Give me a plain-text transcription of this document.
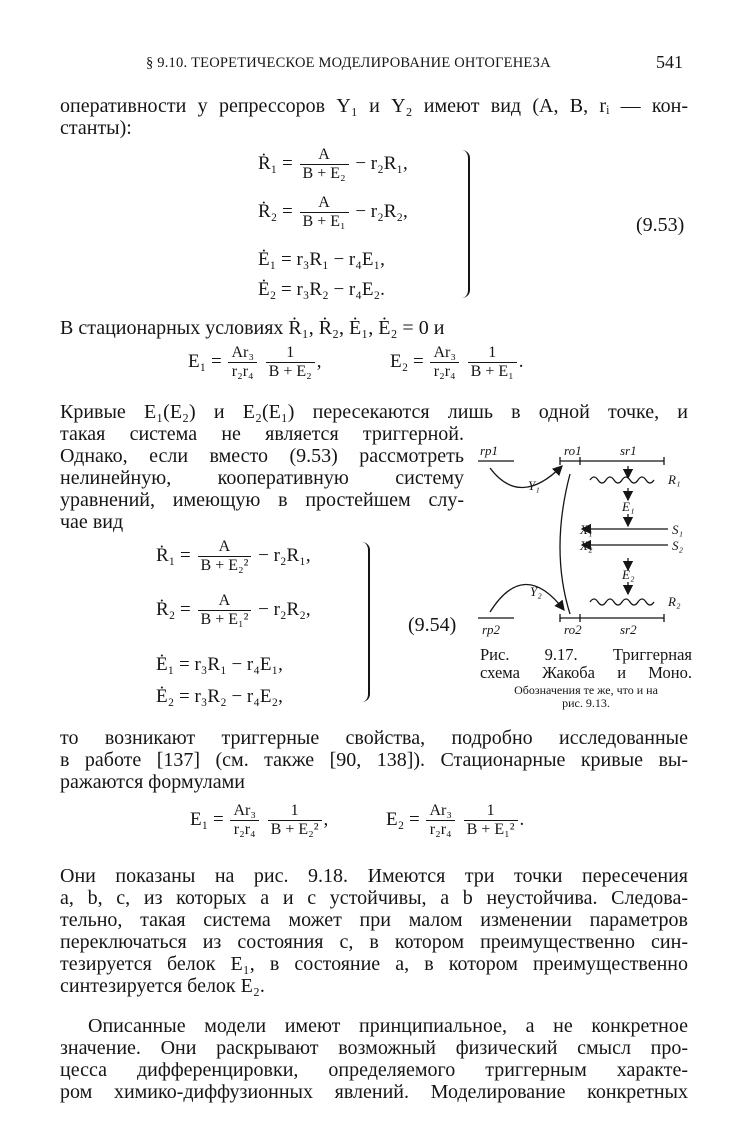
§ 9.10. ТЕОРЕТИЧЕСКОЕ МОДЕЛИРОВАНИЕ ОНТОГЕНЕЗА	541
оперативности у репрессоров Y₁ и Y₂ имеют вид (A, B, rᵢ — кон-
станты):
Ṙ₁ = $\frac{A}{\text{B + E₂}} - r_2R_1$,
Ṙ₂ = $\frac{A}{\text{B + E₁}} - r_2R_2$,
Ė₁ = r₃R₁ − r₄E₁,
Ė₂ = r₃R₂ − r₄E₂.
(9.53)
В стационарных условиях Ṙ₁, Ṙ₂, Ė₁, Ė₂ = 0 и
$E_1 = \frac{\text{Ar₃}}{\text{r₂r₄}}$
$\frac{1}{\text{B + E₂}}$ ,	$E_2 = \frac{\text{Ar₃}}{\text{r₂r₄}}$
$\frac{1}{\text{B + E₁}}$ .
Кривые E₁(E₂) и E₂(E₁) пересекаются лишь в одной точке, и
такая система не является триггерной.
Однако, если вместо (9.53) рассмотреть
нелинейную, кооперативную систему
уравнений, имеющую в простейшем слу-
чае вид
Ṙ₁ = $\frac{A}{\text{B + E₂²}} - r_2R_1$,
Ṙ₂ = $\frac{A}{\text{B + E₁²}} - r_2R_2$,
Ė₁ = r₃R₁ − r₄E₁,
Ė₂ = r₃R₂ − r₄E₂,
(9.54)
rp1	ro1	sr1
R₁
Y₁
E₁
X₁	S₁
X₂	S₂
E₂
Y₂
R₂
rp2	ro2	sr2
Рис. 9.17. Триггерная
схема Жакоба и Моно.
Обозначения те же, что и на
рис. 9.13.
то возникают триггерные свойства, подробно исследованные
в работе [137] (см. также [90, 138]). Стационарные кривые вы-
ражаются формулами
$E_1 = \frac{\text{Ar₃}}{\text{r₂r₄}}$
$\frac{1}{\text{B + E₂²}}$ ,	$E_2 = \frac{\text{Ar₃}}{\text{r₂r₄}}$
$\frac{1}{\text{B + E₁²}}$ .
Они показаны на рис. 9.18. Имеются три точки пересечения
a, b, c, из которых a и c устойчивы, а b неустойчива. Следова-
тельно, такая система может при малом изменении параметров
переключаться из состояния c, в котором преимущественно син-
тезируется белок E₁, в состояние a, в котором преимущественно
синтезируется белок E₂.
Описанные модели имеют принципиальное, а не конкретное
значение. Они раскрывают возможный физический смысл про-
цесса дифференцировки, определяемого триггерным характе-
ром химико-диффузионных явлений. Моделирование конкретных
